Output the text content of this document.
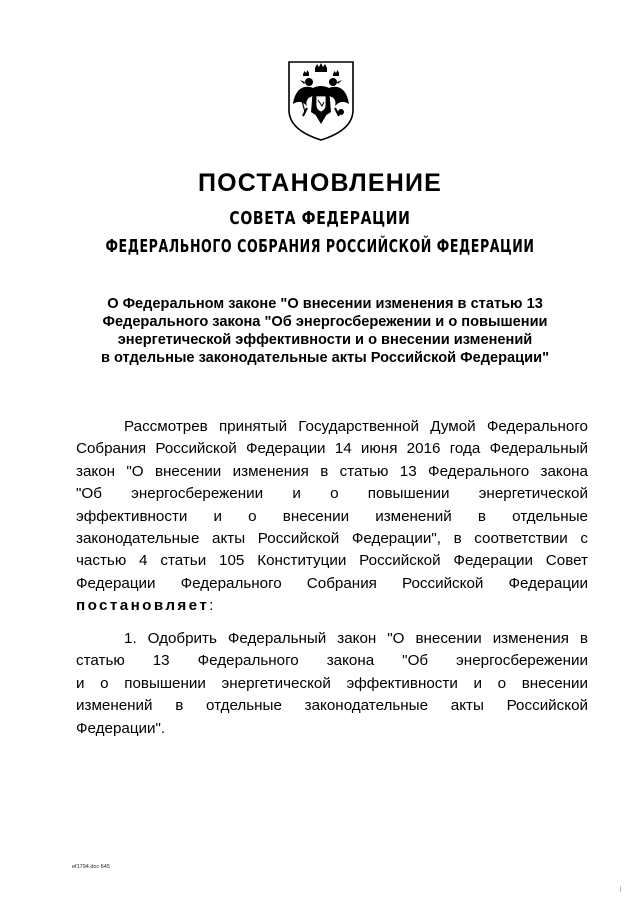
ПОСТАНОВЛЕНИЕ
СОВЕТА ФЕДЕРАЦИИ
ФЕДЕРАЛЬНОГО СОБРАНИЯ РОССИЙСКОЙ ФЕДЕРАЦИИ
О Федеральном законе "О внесении изменения в статью 13
Федерального закона "Об энергосбережении и о повышении
энергетической эффективности и о внесении изменений
в отдельные законодательные акты Российской Федерации"
Рассмотрев принятый Государственной Думой Федерального
Собрания Российской Федерации 14 июня 2016 года Федеральный
закон "О внесении изменения в статью 13 Федерального закона
"Об энергосбережении и о повышении энергетической
эффективности и о внесении изменений в отдельные
законодательные акты Российской Федерации", в соответствии с
частью 4 статьи 105 Конституции Российской Федерации Совет
Федерации Федерального Собрания Российской Федерации
постановляет:
1. Одобрить Федеральный закон "О внесении изменения в
статью 13 Федерального закона "Об энергосбережении
и о повышении энергетической эффективности и о внесении
изменений в отдельные законодательные акты Российской
Федерации".
ef1794.doc 645
